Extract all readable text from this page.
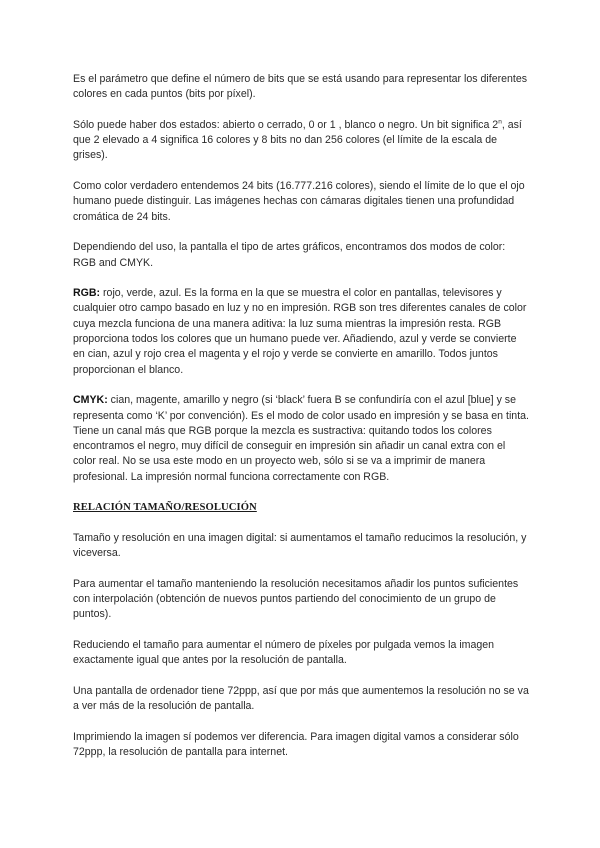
Es el parámetro que define el número de bits que se está usando para representar los diferentes colores en cada puntos (bits por píxel).

Sólo puede haber dos estados: abierto o cerrado, 0 or 1 , blanco o negro. Un bit significa 2$^n$, así que 2 elevado a 4 significa 16 colores y 8 bits no dan 256 colores (el límite de la escala de grises).

Como color verdadero entendemos 24 bits (16.777.216 colores), siendo el límite de lo que el ojo humano puede distinguir. Las imágenes hechas con cámaras digitales tienen una profundidad cromática de 24 bits.

Dependiendo del uso, la pantalla el tipo de artes gráficos, encontramos dos modos de color: RGB and CMYK.

RGB: rojo, verde, azul. Es la forma en la que se muestra el color en pantallas, televisores y cualquier otro campo basado en luz y no en impresión. RGB son tres diferentes canales de color cuya mezcla funciona de una manera aditiva: la luz suma mientras la impresión resta. RGB proporciona todos los colores que un humano puede ver. Añadiendo, azul y verde se convierte en cian, azul y rojo crea el magenta y el rojo y verde se convierte en amarillo. Todos juntos proporcionan el blanco.

CMYK: cian, magente, amarillo y negro (si ‘black’ fuera B se confundiría con el azul [blue] y se representa como ‘K’ por convención). Es el modo de color usado en impresión y se basa en tinta. Tiene un canal más que RGB porque la mezcla es sustractiva: quitando todos los colores encontramos el negro, muy difícil de conseguir en impresión sin añadir un canal extra con el color real. No se usa este modo en un proyecto web, sólo si se va a imprimir de manera profesional. La impresión normal funciona correctamente con RGB.

RELACIÓN TAMAÑO/RESOLUCIÓN

Tamaño y resolución en una imagen digital: si aumentamos el tamaño reducimos la resolución, y viceversa.

Para aumentar el tamaño manteniendo la resolución necesitamos añadir los puntos suficientes con interpolación (obtención de nuevos puntos partiendo del conocimiento de un grupo de puntos).

Reduciendo el tamaño para aumentar el número de píxeles por pulgada vemos la imagen exactamente igual que antes por la resolución de pantalla.

Una pantalla de ordenador tiene 72ppp, así que por más que aumentemos la resolución no se va a ver más de la resolución de pantalla.

Imprimiendo la imagen sí podemos ver diferencia. Para imagen digital vamos a considerar sólo 72ppp, la resolución de pantalla para internet.
